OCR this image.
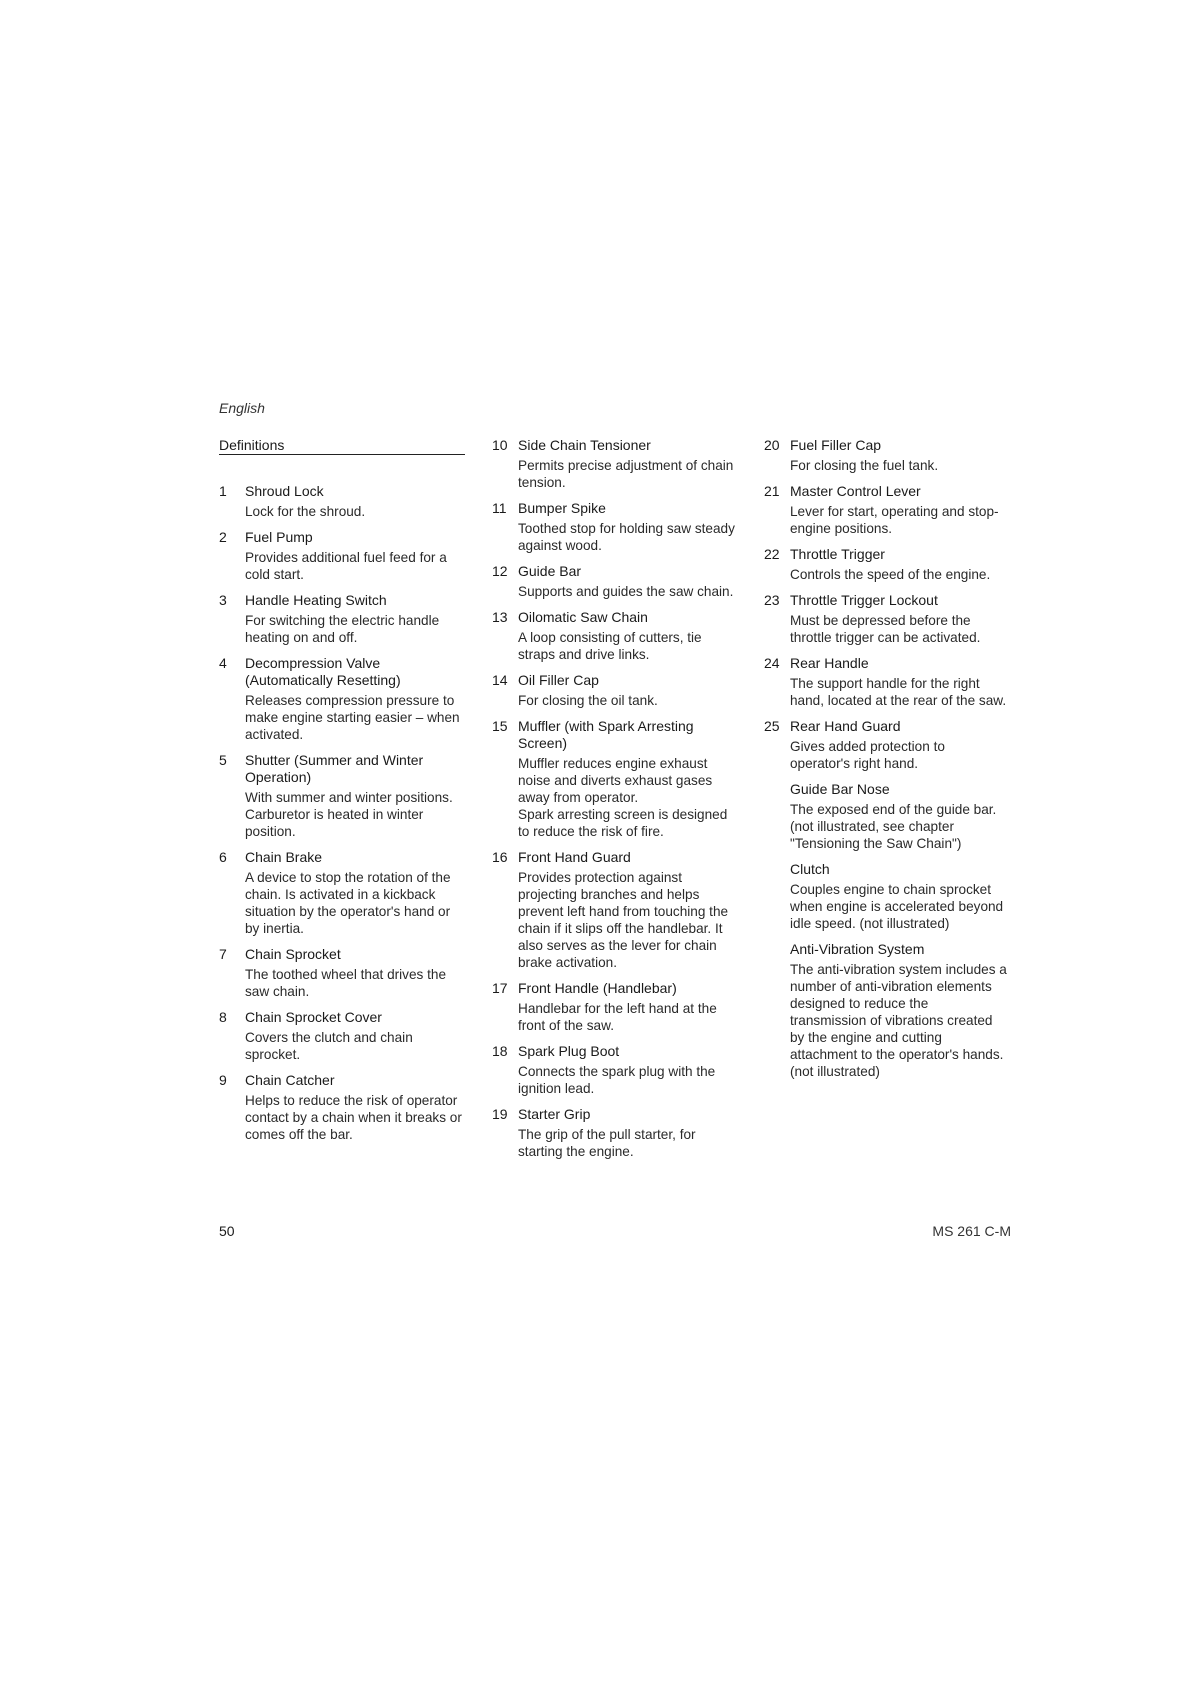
English
Definitions
1	Shroud Lock
Lock for the shroud.
2	Fuel Pump
Provides additional fuel feed for a
cold start.
3	Handle Heating Switch
For switching the electric handle
heating on and off.
4	Decompression Valve
(Automatically Resetting)
Releases compression pressure to
make engine starting easier – when
activated.
5	Shutter (Summer and Winter
Operation)
With summer and winter positions.
Carburetor is heated in winter
position.
6	Chain Brake
A device to stop the rotation of the
chain. Is activated in a kickback
situation by the operator's hand or
by inertia.
7	Chain Sprocket
The toothed wheel that drives the
saw chain.
8	Chain Sprocket Cover
Covers the clutch and chain
sprocket.
9	Chain Catcher
Helps to reduce the risk of operator
contact by a chain when it breaks or
comes off the bar.
10 Side Chain Tensioner
Permits precise adjustment of chain
tension.
11 Bumper Spike
Toothed stop for holding saw steady
against wood.
12 Guide Bar
Supports and guides the saw chain.
13 Oilomatic Saw Chain
A loop consisting of cutters, tie
straps and drive links.
14 Oil Filler Cap
For closing the oil tank.
15 Muffler (with Spark Arresting
Screen)
Muffler reduces engine exhaust
noise and diverts exhaust gases
away from operator.
Spark arresting screen is designed
to reduce the risk of fire.
16 Front Hand Guard
Provides protection against
projecting branches and helps
prevent left hand from touching the
chain if it slips off the handlebar. It
also serves as the lever for chain
brake activation.
17 Front Handle (Handlebar)
Handlebar for the left hand at the
front of the saw.
18 Spark Plug Boot
Connects the spark plug with the
ignition lead.
19 Starter Grip
The grip of the pull starter, for
starting the engine.
20 Fuel Filler Cap
For closing the fuel tank.
21 Master Control Lever
Lever for start, operating and stop-
engine positions.
22 Throttle Trigger
Controls the speed of the engine.
23 Throttle Trigger Lockout
Must be depressed before the
throttle trigger can be activated.
24 Rear Handle
The support handle for the right
hand, located at the rear of the saw.
25 Rear Hand Guard
Gives added protection to
operator's right hand.
Guide Bar Nose
The exposed end of the guide bar.
(not illustrated, see chapter
"Tensioning the Saw Chain")
Clutch
Couples engine to chain sprocket
when engine is accelerated beyond
idle speed. (not illustrated)
Anti-Vibration System
The anti-vibration system includes a
number of anti-vibration elements
designed to reduce the
transmission of vibrations created
by the engine and cutting
attachment to the operator's hands.
(not illustrated)
50	MS 261 C-M
